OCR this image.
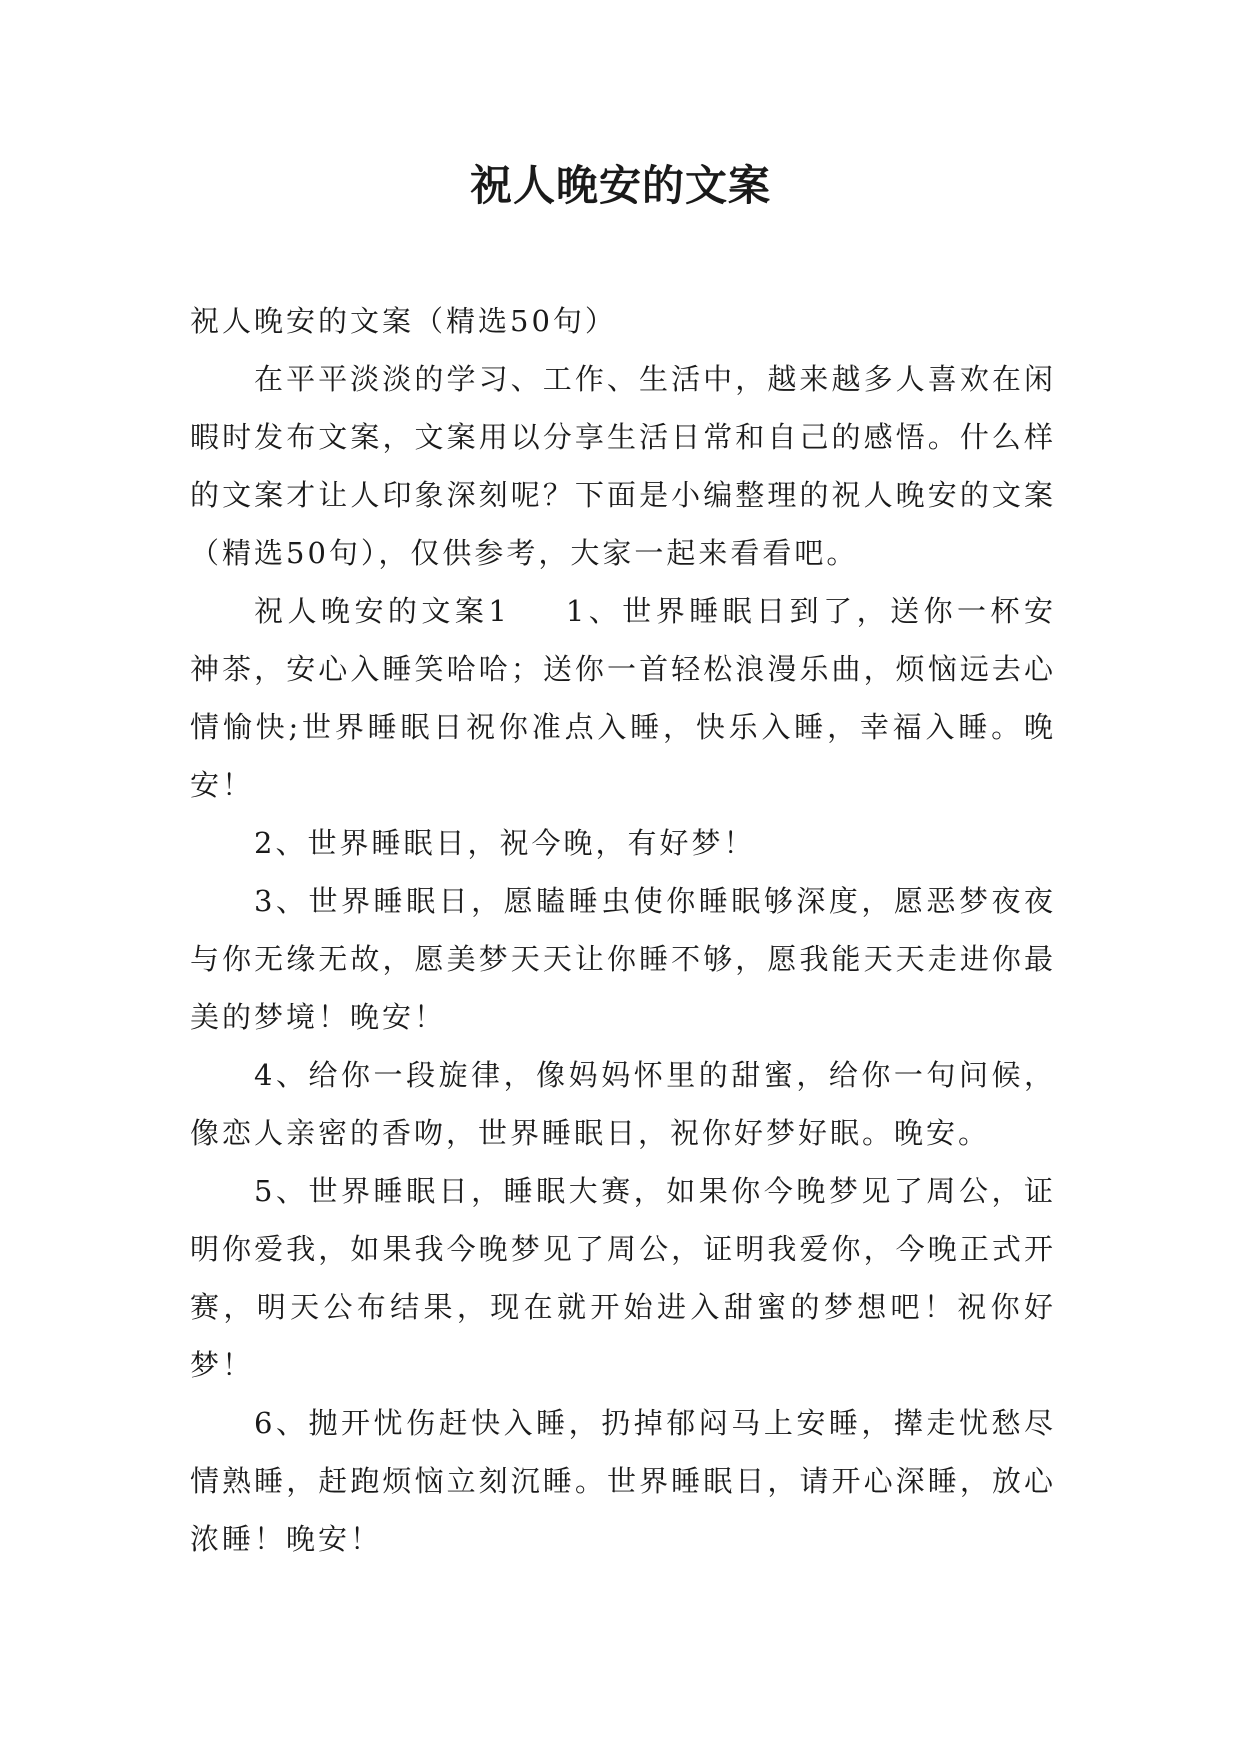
祝人晚安的文案

祝人晚安的文案（精选50句）

在平平淡淡的学习、工作、生活中，越来越多人喜欢在闲暇时发布文案，文案用以分享生活日常和自己的感悟。什么样的文案才让人印象深刻呢？下面是小编整理的祝人晚安的文案（精选50句），仅供参考，大家一起来看看吧。

祝人晚安的文案1 1、世界睡眠日到了，送你一杯安神茶，安心入睡笑哈哈；送你一首轻松浪漫乐曲，烦恼远去心情愉快;世界睡眠日祝你准点入睡，快乐入睡，幸福入睡。晚安！

2、世界睡眠日，祝今晚，有好梦！

3、世界睡眠日，愿瞌睡虫使你睡眠够深度，愿恶梦夜夜与你无缘无故，愿美梦天天让你睡不够，愿我能天天走进你最美的梦境！晚安！

4、给你一段旋律，像妈妈怀里的甜蜜，给你一句问候，像恋人亲密的香吻，世界睡眠日，祝你好梦好眠。晚安。

5、世界睡眠日，睡眠大赛，如果你今晚梦见了周公，证明你爱我，如果我今晚梦见了周公，证明我爱你，今晚正式开赛，明天公布结果，现在就开始进入甜蜜的梦想吧！祝你好梦！

6、抛开忧伤赶快入睡，扔掉郁闷马上安睡，撵走忧愁尽情熟睡，赶跑烦恼立刻沉睡。世界睡眠日，请开心深睡，放心浓睡！晚安！
